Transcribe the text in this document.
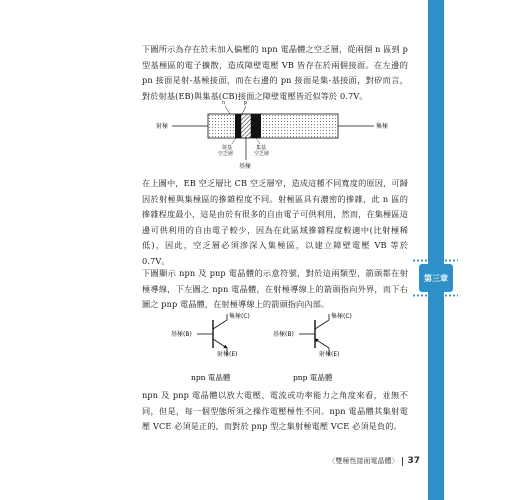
下圖所示為存在於未加入偏壓的 npn 電晶體之空乏層，從兩個 n 區到 p 型基極區的電子擴散，造成障壁電壓 VB 皆存在於兩個接面。在左邊的 pn 接面是射-基極接面，而在右邊的 pn 接面是集-基接面，對矽而言，對於射基(EB)與集基(CB)接面之障壁電壓皆近似等於 0.7V。

n	p
射極	集極
基極
射基
空乏層
集基
空乏層

在上圖中，EB 空乏層比 CB 空乏層窄，造成這種不同寬度的原因，可歸因於射極與集極區的摻雜程度不同。射極區具有濃密的摻雜，此 n 區的摻雜程度最小，這是由於有很多的自由電子可供利用，然而，在集極區這邊可供利用的自由電子較少，因為在此區域摻雜程度較適中(比射極稀低)，因此，空乏層必須滲深入集極區，以建立障壁電壓 VB 等於 0.7V。

下圖顯示 npn 及 pnp 電晶體的示意符號，對於這兩類型，箭頭都在射極導線，下左圖之 npn 電晶體，在射極導線上的箭頭指向外界，而下右圖之 pnp 電晶體，在射極導線上的箭頭指向內部。

集極(C)
基極(B)
射極(E)
npn 電晶體
集極(C)
基極(B)
射極(E)
pnp 電晶體

npn 及 pnp 電晶體以放大電壓、電流或功率能力之角度來看，並無不同，但是，每一個型態所須之操作電壓極性不同。npn 電晶體其集射電壓 VCE 必須是正的，而對於 pnp 型之集射極電壓 VCE 必須是負的。

第三章
〈雙極性接面電晶體〉 37
